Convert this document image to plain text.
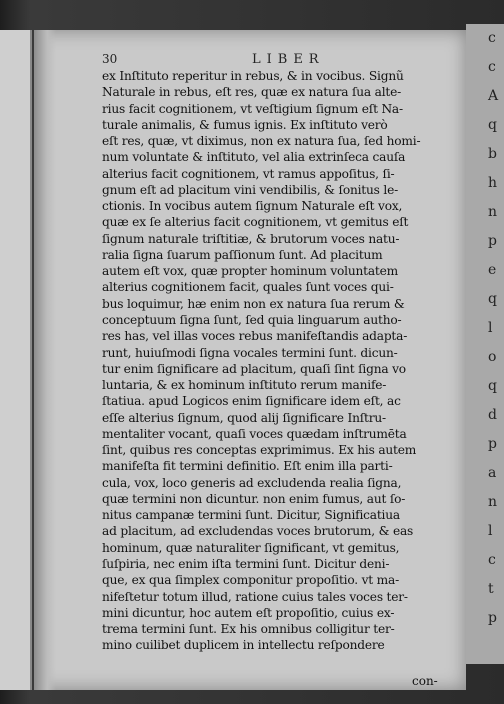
c
c
A
q
b
h
n
p
e
q
l
o
q
d
p
a
n
l
c
t
p
30	LIBER
ex Inſtituto reperitur in rebus, & in vocibus. Signũ
Naturale in rebus, eſt res, quæ ex natura ſua alte-
rius facit cognitionem, vt veſtigium ſignum eſt Na-
turale animalis, & fumus ignis. Ex inſtituto verò
eſt res, quæ, vt diximus, non ex natura ſua, ſed homi-
num voluntate & inſtituto, vel alia extrinſeca cauſa
alterius facit cognitionem, vt ramus appoſitus, ſi-
gnum eſt ad placitum vini vendibilis, & ſonitus le-
ctionis. In vocibus autem ſignum Naturale eſt vox,
quæ ex ſe alterius facit cognitionem, vt gemitus eſt
ſignum naturale triſtitiæ, & brutorum voces natu-
ralia ſigna ſuarum paſſionum ſunt. Ad placitum
autem eſt vox, quæ propter hominum voluntatem
alterius cognitionem facit, quales ſunt voces qui-
bus loquimur, hæ enim non ex natura ſua rerum &
conceptuum ſigna ſunt, ſed quia linguarum autho-
res has, vel illas voces rebus manifeſtandis adapta-
runt, huiuſmodi ſigna vocales termini ſunt. dicun-
tur enim ſignificare ad placitum, quaſi ſint ſigna vo
luntaria, & ex hominum inſtituto rerum manife-
ſtatiua. apud Logicos enim ſignificare idem eſt, ac
eſſe alterius ſignum, quod alij ſignificare Inſtru-
mentaliter vocant, quaſi voces quædam inſtrumēta
ſint, quibus res conceptas exprimimus. Ex his autem
manifeſta fit termini definitio. Eſt enim illa parti-
cula, vox, loco generis ad excludenda realia ſigna,
quæ termini non dicuntur. non enim fumus, aut ſo-
nitus campanæ termini ſunt. Dicitur, Significatiua
ad placitum, ad excludendas voces brutorum, & eas
hominum, quæ naturaliter ſignificant, vt gemitus,
ſuſpiria, nec enim iſta termini ſunt. Dicitur deni-
que, ex qua ſimplex componitur propoſitio. vt ma-
nifeſtetur totum illud, ratione cuius tales voces ter-
mini dicuntur, hoc autem eſt propoſitio, cuius ex-
trema termini ſunt. Ex his omnibus colligitur ter-
mino cuilibet duplicem in intellectu reſpondere
con-
